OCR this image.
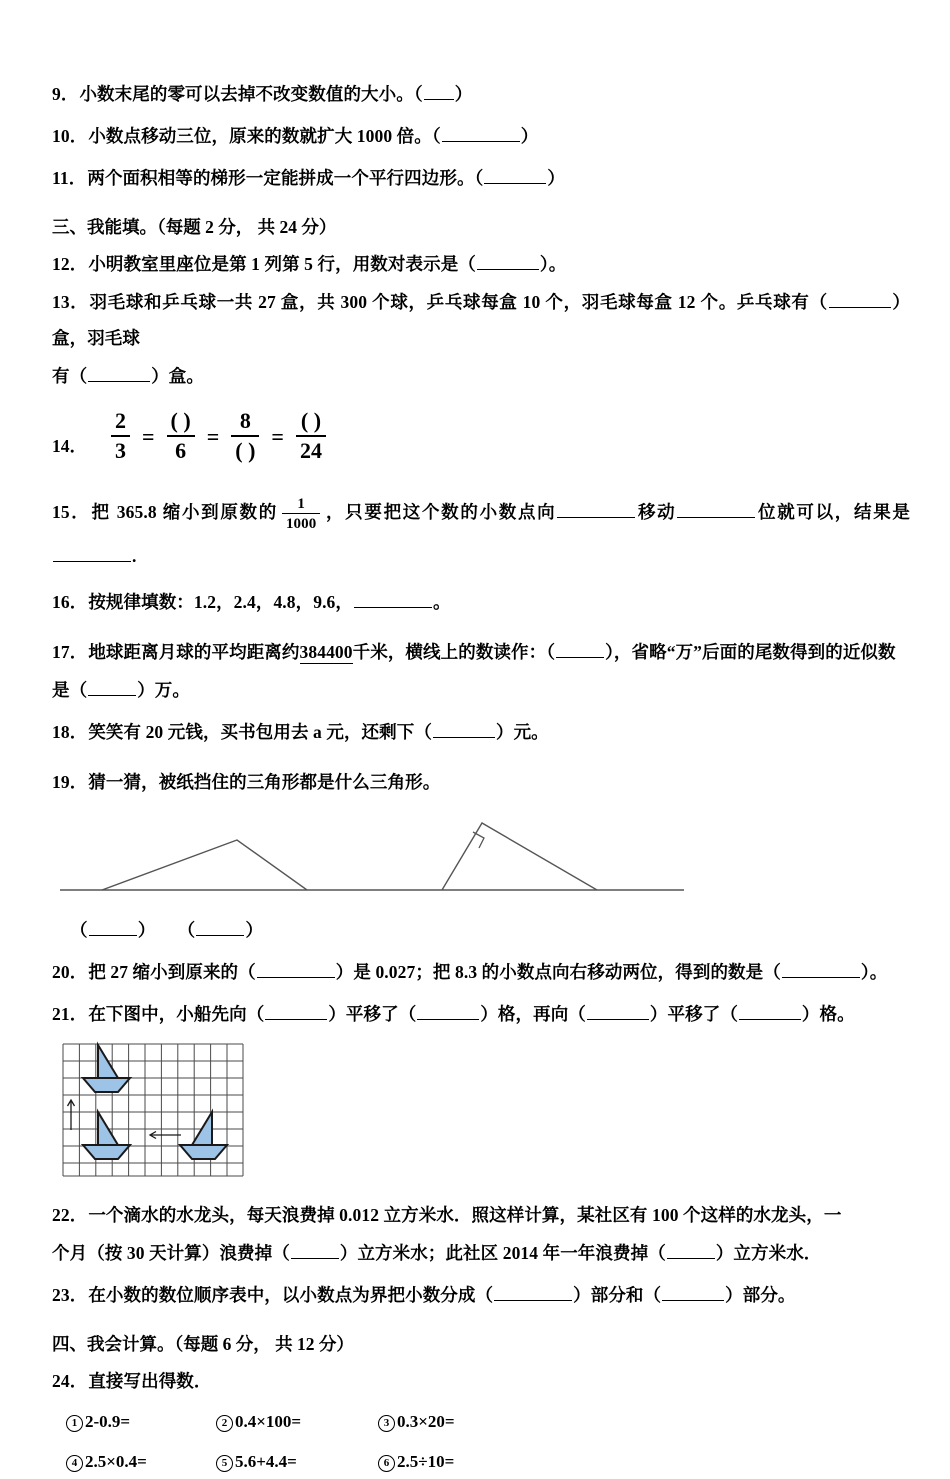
9．小数末尾的零可以去掉不改变数值的大小。（ ）

10．小数点移动三位，原来的数就扩大 1000 倍。（	）

11．两个面积相等的梯形一定能拼成一个平行四边形。（	）

三、我能填。（每题 2 分， 共 24 分）

12．小明教室里座位是第 1 列第 5 行，用数对表示是（	）。

13．羽毛球和乒乓球一共 27 盒，共 300 个球，乒乓球每盒 10 个，羽毛球每盒 12 个。乒乓球有（	）盒，羽毛球

有（	）盒。

14． $\frac{2}{3} = \frac{( )}{6} = \frac{8}{( )} = \frac{( )}{24}$

15．把 365.8 缩小到原数的 $\frac{1}{1000}$ ，只要把这个数的小数点向	移动	位就可以，结果是.

16．按规律填数：1.2，2.4，4.8，9.6，	。

17．地球距离月球的平均距离约384400千米，横线上的数读作：（	），省略“万”后面的尾数得到的近似数

是（	）万。

18．笑笑有 20 元钱，买书包用去 a 元，还剩下（	）元。

19．猜一猜，被纸挡住的三角形都是什么三角形。

（	） （	）

20．把 27 缩小到原来的（	）是 0.027；把 8.3 的小数点向右移动两位，得到的数是（	）。

21．在下图中，小船先向（	）平移了（	）格，再向（	）平移了（	）格。

22．一个滴水的水龙头，每天浪费掉 0.012 立方米水．照这样计算，某社区有 100 个这样的水龙头，一

个月（按 30 天计算）浪费掉（	）立方米水；此社区 2014 年一年浪费掉（	）立方米水．

23．在小数的数位顺序表中，以小数点为界把小数分成（	）部分和（	）部分。

四、我会计算。（每题 6 分， 共 12 分）

24．直接写出得数．

1 2-0.9=	2 0.4×100=	3 0.3×20=
4 2.5×0.4=	5 5.6+4.4=	6 2.5÷10=
